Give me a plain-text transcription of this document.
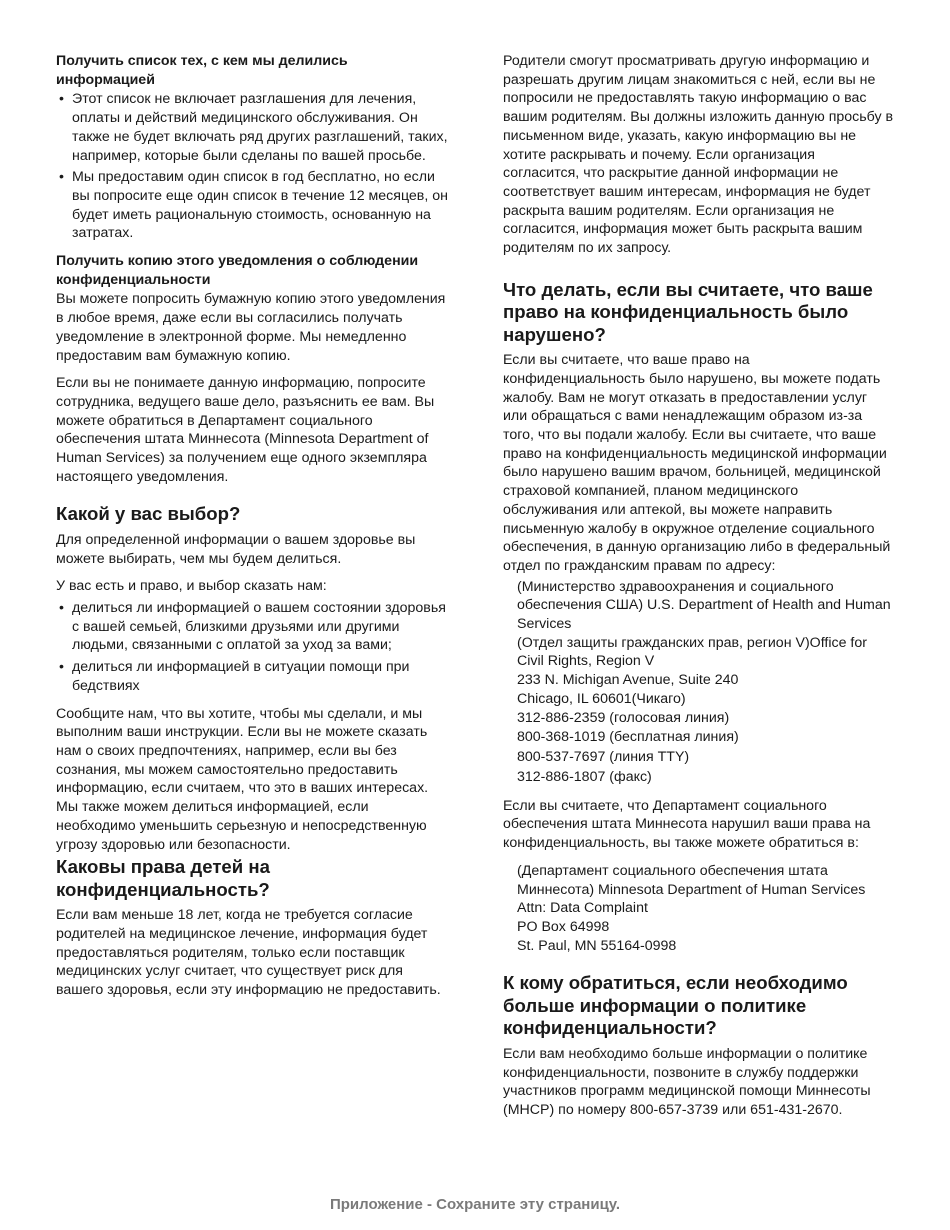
Получить список тех, с кем мы делились информацией
• Этот список не включает разглашения для лечения, оплаты и действий медицинского обслуживания. Он также не будет включать ряд других разглашений, таких, например, которые были сделаны по вашей просьбе.
• Мы предоставим один список в год бесплатно, но если вы попросите еще один список в течение 12 месяцев, он будет иметь рациональную стоимость, основанную на затратах.
Получить копию этого уведомления о соблюдении конфиденциальности

Вы можете попросить бумажную копию этого уведомления в любое время, даже если вы согласились получать уведомление в электронной форме. Мы немедленно предоставим вам бумажную копию.

Если вы не понимаете данную информацию, попросите сотрудника, ведущего ваше дело, разъяснить ее вам. Вы можете обратиться в Департамент социального обеспечения штата Миннесота (Minnesota Department of Human Services) за получением еще одного экземпляра настоящего уведомления.

Какой у вас выбор?

Для определенной информации о вашем здоровье вы можете выбирать, чем мы будем делиться.

У вас есть и право, и выбор сказать нам:

• делиться ли информацией о вашем состоянии здоровья с вашей семьей, близкими друзьями или другими людьми, связанными с оплатой за уход за вами;
• делиться ли информацией в ситуации помощи при бедствиях

Сообщите нам, что вы хотите, чтобы мы сделали, и мы выполним ваши инструкции. Если вы не можете сказать нам о своих предпочтениях, например, если вы без сознания, мы можем самостоятельно предоставить информацию, если считаем, что это в ваших интересах. Мы также можем делиться информацией, если необходимо уменьшить серьезную и непосредственную угрозу здоровью или безопасности.

Каковы права детей на конфиденциальность?

Если вам меньше 18 лет, когда не требуется согласие родителей на медицинское лечение, информация будет предоставляться родителям, только если поставщик медицинских услуг считает, что существует риск для вашего здоровья, если эту информацию не предоставить.

Родители смогут просматривать другую информацию и разрешать другим лицам знакомиться с ней, если вы не попросили не предоставлять такую информацию о вас вашим родителям. Вы должны изложить данную просьбу в письменном виде, указать, какую информацию вы не хотите раскрывать и почему. Если организация согласится, что раскрытие данной информации не соответствует вашим интересам, информация не будет раскрыта вашим родителям. Если организация не согласится, информация может быть раскрыта вашим родителям по их запросу.

Что делать, если вы считаете, что ваше право на конфиденциальность было нарушено?

Если вы считаете, что ваше право на конфиденциальность было нарушено, вы можете подать жалобу. Вам не могут отказать в предоставлении услуг или обращаться с вами ненадлежащим образом из-за того, что вы подали жалобу. Если вы считаете, что ваше право на конфиденциальность медицинской информации было нарушено вашим врачом, больницей, медицинской страховой компанией, планом медицинского обслуживания или аптекой, вы можете направить письменную жалобу в окружное отделение социального обеспечения, в данную организацию либо в федеральный отдел по гражданским правам по адресу:

(Министерство здравоохранения и социального обеспечения США) U.S. Department of Health and Human Services
(Отдел защиты гражданских прав, регион V)Office for Civil Rights, Region V
233 N. Michigan Avenue, Suite 240
Chicago, IL 60601(Чикаго)
312-886-2359 (голосовая линия)
800-368-1019 (бесплатная линия)
800-537-7697 (линия TTY)
312-886-1807 (факс)

Если вы считаете, что Департамент социального обеспечения штата Миннесота нарушил ваши права на конфиденциальность, вы также можете обратиться в:

(Департамент социального обеспечения штата Миннесота) Minnesota Department of Human Services
Attn: Data Complaint
PO Box 64998
St. Paul, MN 55164-0998
К кому обратиться, если необходимо больше информации о политике конфиденциальности?

Если вам необходимо больше информации о политике конфиденциальности, позвоните в службу поддержки участников программ медицинской помощи Миннесоты (MHCP) по номеру 800-657-3739 или 651-431-2670.

Приложение - Сохраните эту страницу.
